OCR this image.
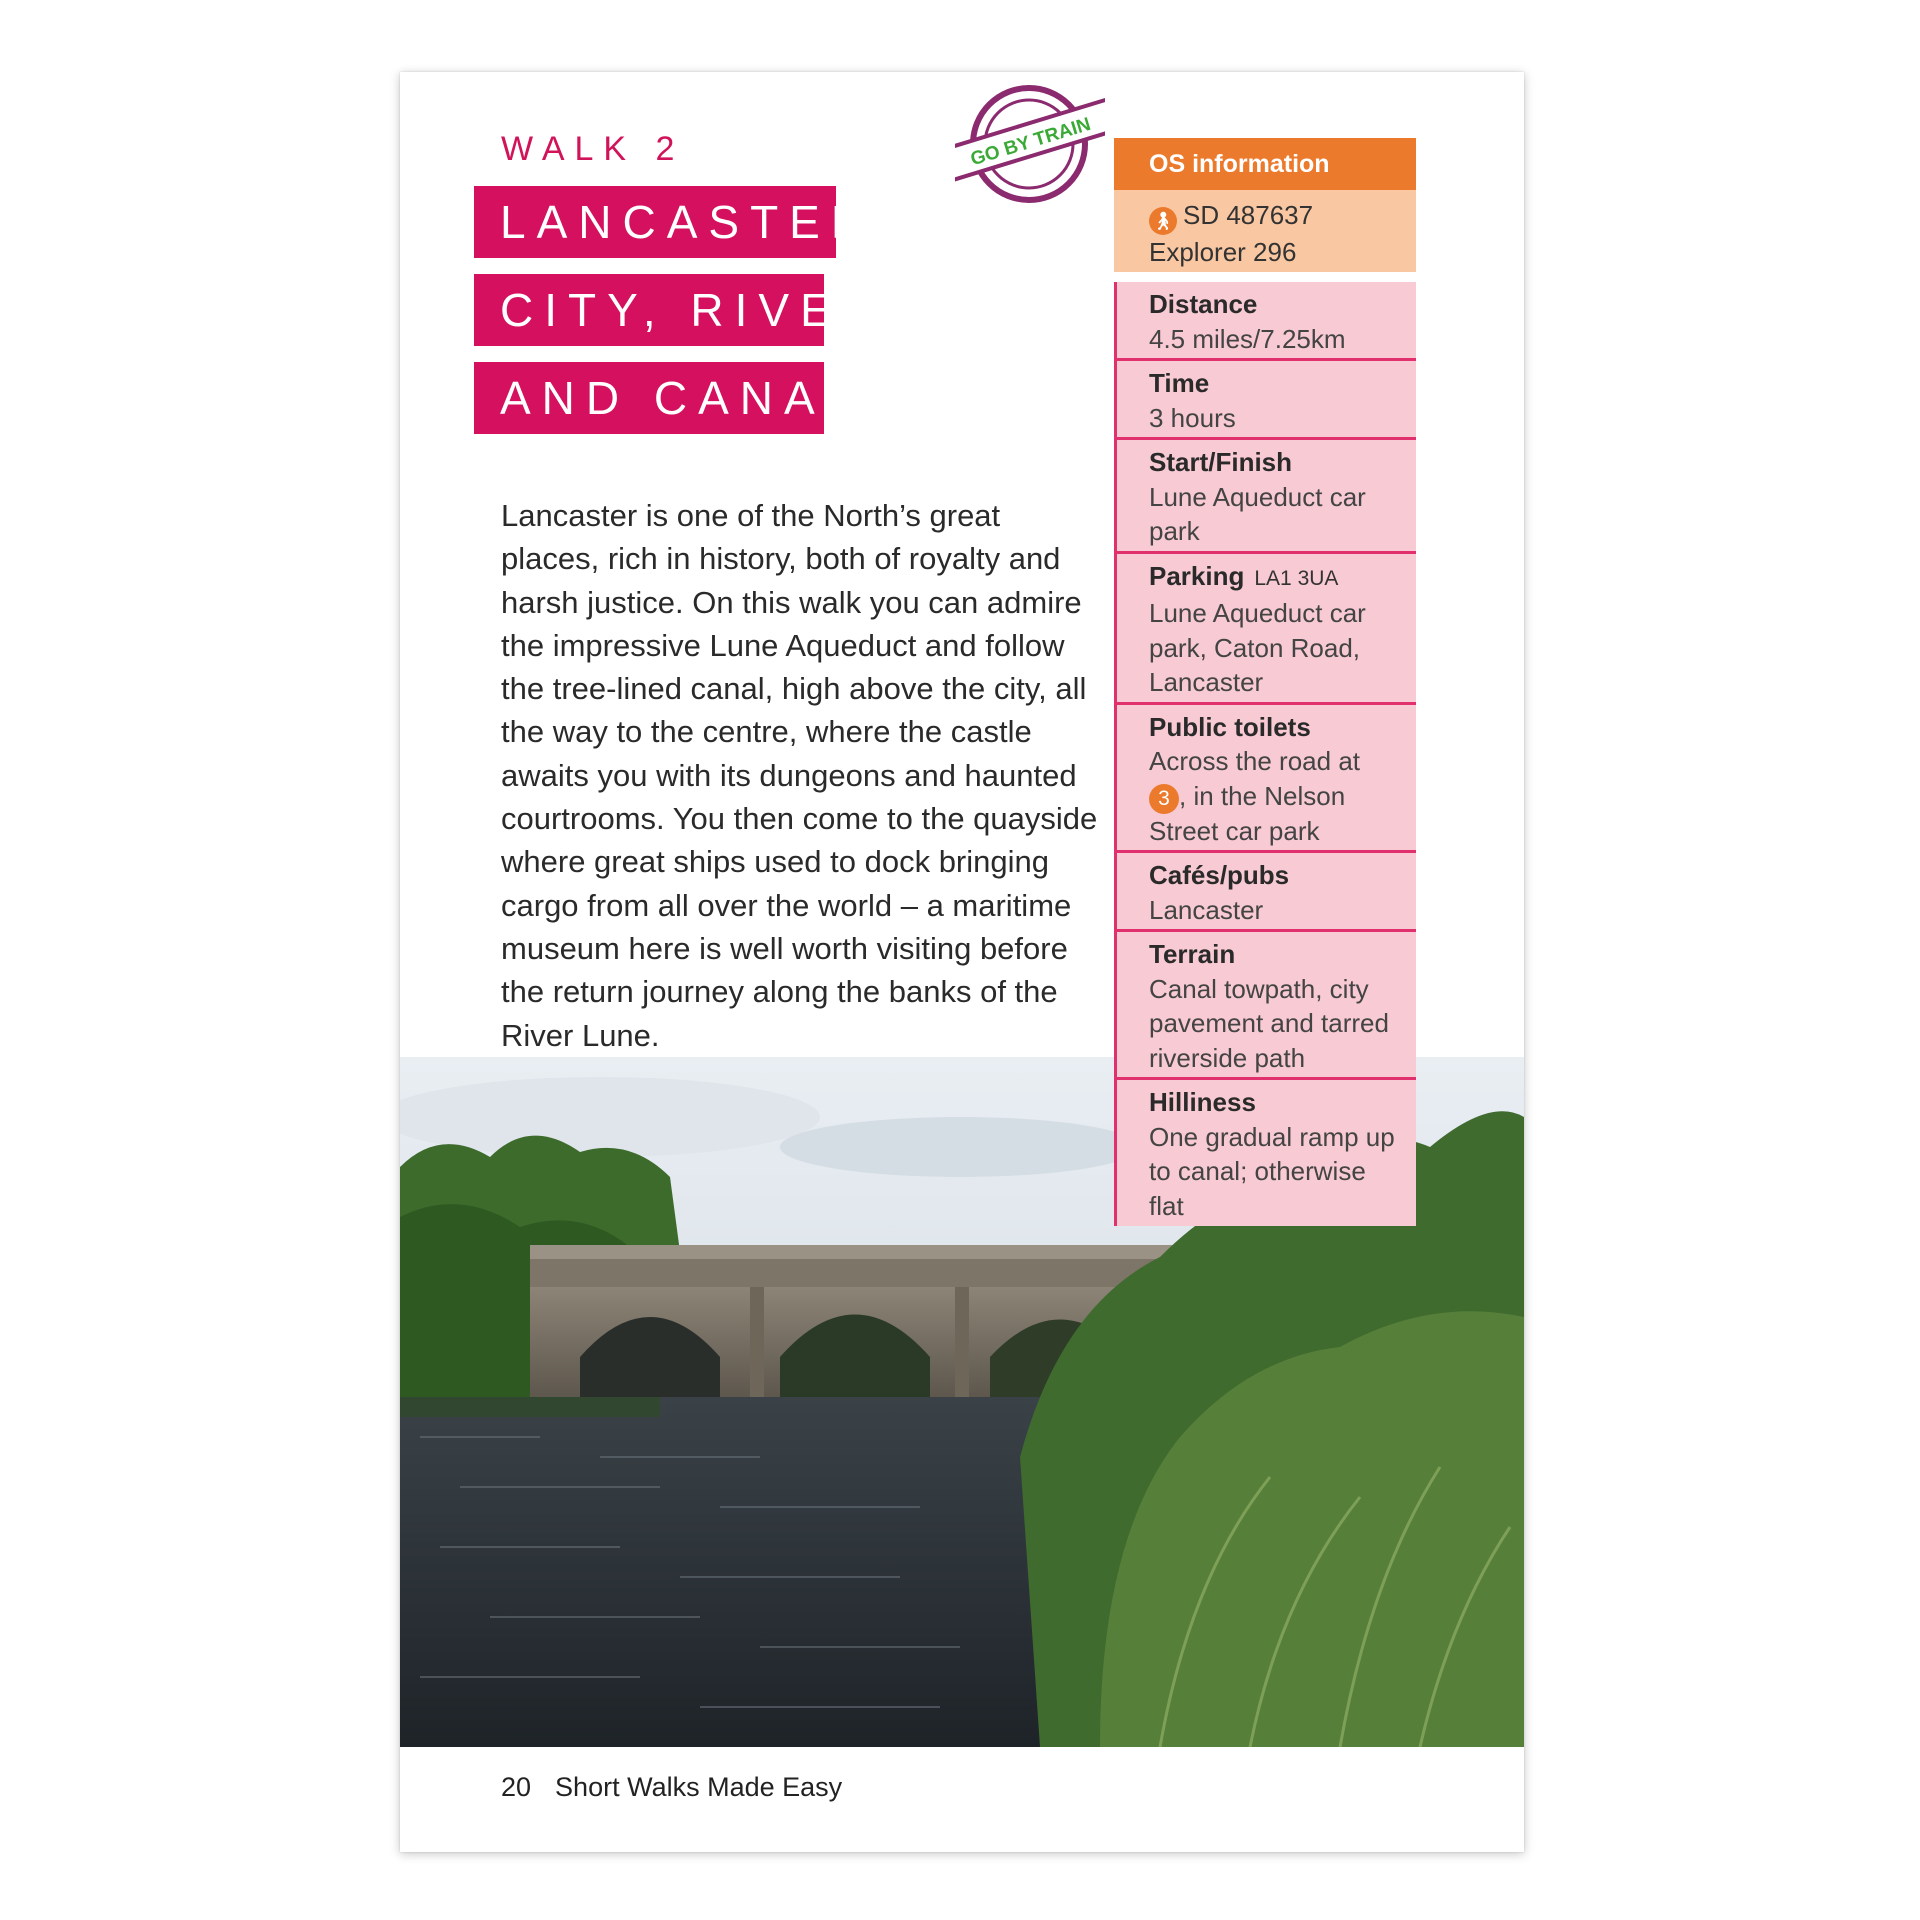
WALK 2
LANCASTER:
CITY, RIVER
AND CANAL
GO BY TRAIN
Lancaster is one of the North’s great places, rich in history, both of royalty and harsh justice. On this walk you can admire the impressive Lune Aqueduct and follow the tree-lined canal, high above the city, all the way to the centre, where the castle awaits you with its dungeons and haunted courtrooms. You then come to the quayside where great ships used to dock bringing cargo from all over the world – a maritime museum here is well worth visiting before the return journey along the banks of the River Lune.
OS information
🚶︎ SD 487637
Explorer 296
Distance
4.5 miles/7.25km
Time
3 hours
Start/Finish
Lune Aqueduct car park
Parking LA1 3UA
Lune Aqueduct car park, Caton Road, Lancaster
Public toilets
Across the road at
3 , in the Nelson Street car park
Cafés/pubs
Lancaster
Terrain
Canal towpath, city pavement and tarred riverside path
Hilliness
One gradual ramp up to canal; otherwise flat
20 Short Walks Made Easy
